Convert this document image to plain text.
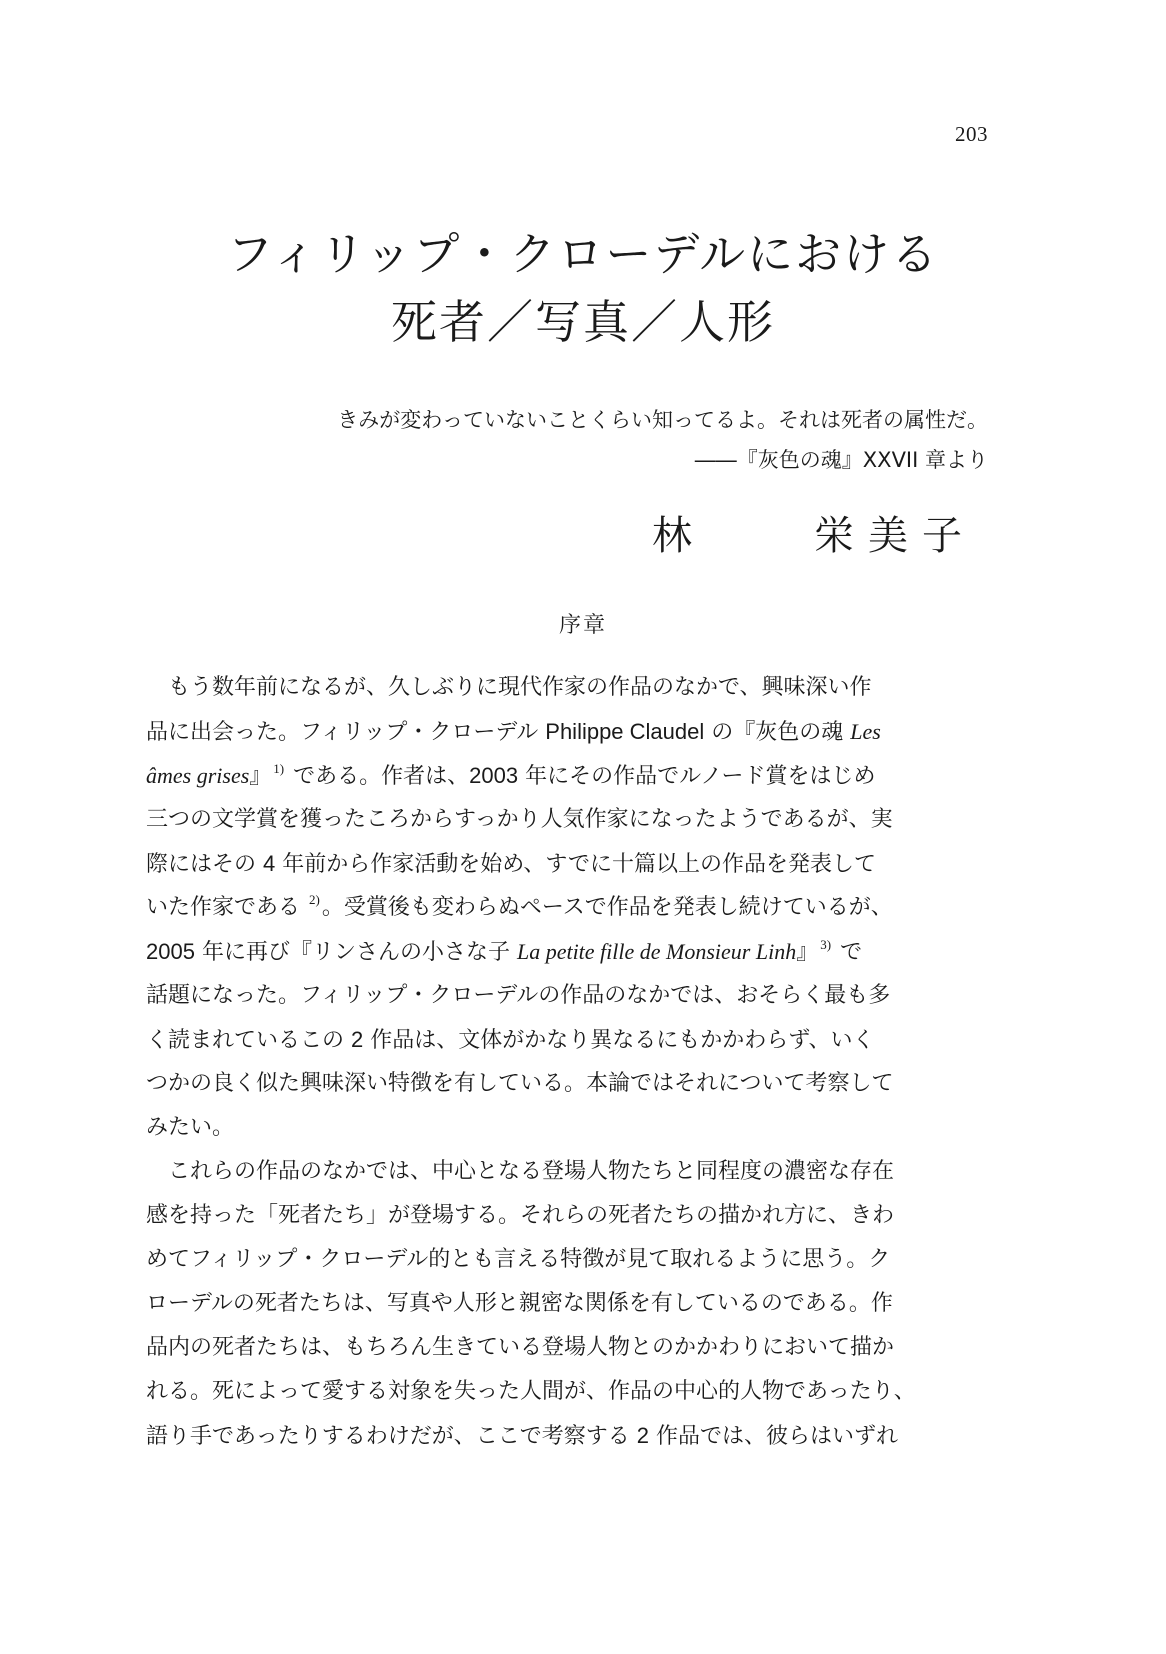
203
フィリップ・クローデルにおける
死者／写真／人形
きみが変わっていないことくらい知ってるよ。それは死者の属性だ。
――『灰色の魂』XXVII 章より
林　　栄美子
序章
もう数年前になるが、久しぶりに現代作家の作品のなかで、興味深い作
品に出会った。フィリップ・クローデル Philippe Claudel の『灰色の魂 Les
âmes grises』 $^{1)}$ である。作者は、2003 年にその作品でルノード賞をはじめ
三つの文学賞を獲ったころからすっかり人気作家になったようであるが、実
際にはその 4 年前から作家活動を始め、すでに十篇以上の作品を発表して
いた作家である $^{2)}$。受賞後も変わらぬペースで作品を発表し続けているが、
2005 年に再び『リンさんの小さな子 La petite fille de Monsieur Linh』 $^{3)}$ で
話題になった。フィリップ・クローデルの作品のなかでは、おそらく最も多
く読まれているこの 2 作品は、文体がかなり異なるにもかかわらず、いく
つかの良く似た興味深い特徴を有している。本論ではそれについて考察して
みたい。
これらの作品のなかでは、中心となる登場人物たちと同程度の濃密な存在
感を持った「死者たち」が登場する。それらの死者たちの描かれ方に、きわ
めてフィリップ・クローデル的とも言える特徴が見て取れるように思う。ク
ローデルの死者たちは、写真や人形と親密な関係を有しているのである。作
品内の死者たちは、もちろん生きている登場人物とのかかわりにおいて描か
れる。死によって愛する対象を失った人間が、作品の中心的人物であったり、
語り手であったりするわけだが、ここで考察する 2 作品では、彼らはいずれ
